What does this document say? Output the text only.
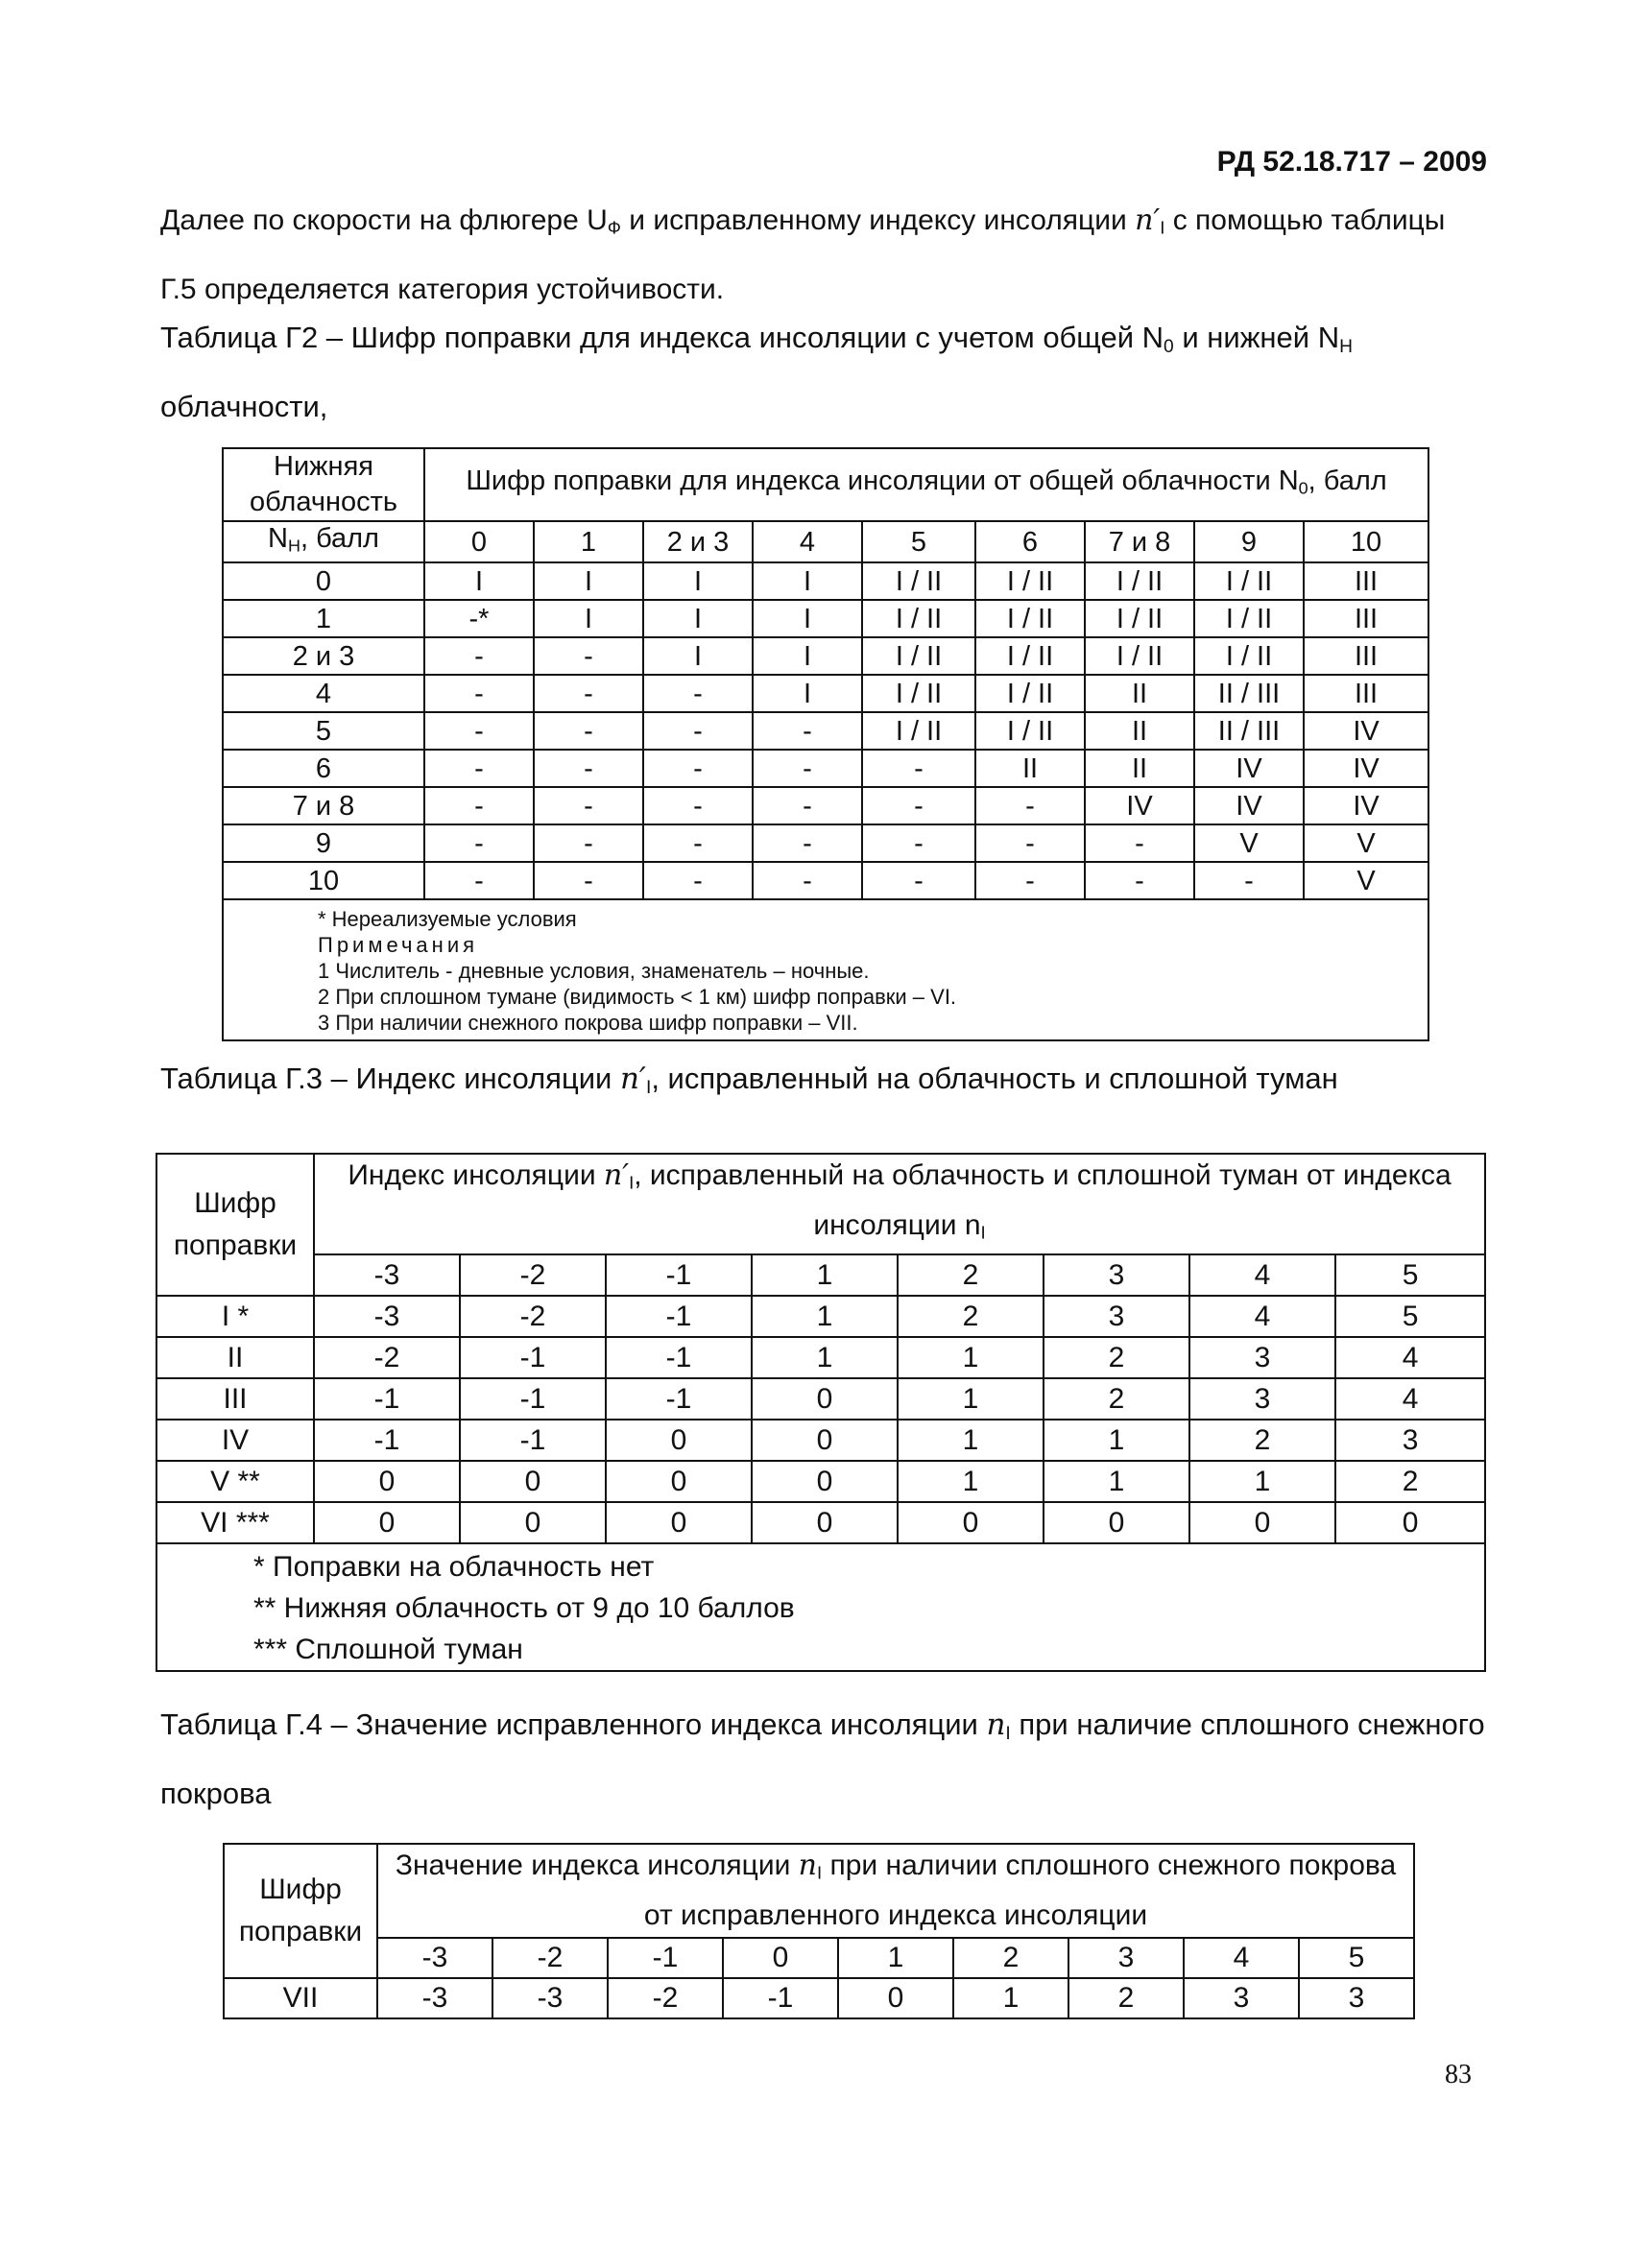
РД 52.18.717 – 2009
Далее по скорости на флюгере $U_Ф$ и исправленному индексу инсоляции $n'_I$ с помощью таблицы Г.5 определяется категория устойчивости.
Таблица Г2 – Шифр поправки для индекса инсоляции с учетом общей $N_0$ и нижней $N_Н$ облачности,
Нижняя
облачность	Шифр поправки для индекса инсоляции от общей облачности $N_0$, балл								

$N_Н$, балл	0	1	2 и 3	4	5	6	7 и 8	9	10
0	I	I	I	I	I / II	I / II	I / II	I / II	III
1	-*	I	I	I	I / II	I / II	I / II	I / II	III
2 и 3	-	-	I	I	I / II	I / II	I / II	I / II	III
4	-	-	-	I	I / II	I / II	II	II / III	III
5	-	-	-	-	I / II	I / II	II	II / III	IV
6	-	-	-	-	-	II	II	IV	IV
7 и 8	-	-	-	-	-	-	IV	IV	IV
9	-	-	-	-	-	-	-	V	V
10	-	-	-	-	-	-	-	-	V

* Нереализуемые условия
Примечания
1 Числитель - дневные условия, знаменатель – ночные.
2 При сплошном тумане (видимость < 1 км) шифр поправки – VI.
3 При наличии снежного покрова шифр поправки – VII.									
Таблица Г.3 – Индекс инсоляции $n'_I$, исправленный на облачность и сплошной туман
Шифр
поправки	Индекс инсоляции $n'_I$, исправленный на облачность и сплошной туман от индекса инсоляции $n_I$
	-3	-2	-1	1	2	3	4	5
I *	-3	-2	-1	1	2	3	4	5
II	-2	-1	-1	1	1	2	3	4
III	-1	-1	-1	0	1	2	3	4
IV	-1	-1	0	0	1	1	2	3
V **	0	0	0	0	1	1	1	2
VI ***	0	0	0	0	0	0	0	0

* Поправки на облачность нет
** Нижняя облачность от 9 до 10 баллов
*** Сплошной туман								
Таблица Г.4 – Значение исправленного индекса инсоляции $n_I$ при наличие сплошного снежного покрова
Шифр
поправки	Значение индекса инсоляции $n_I$ при наличии сплошного снежного покрова от исправленного индекса инсоляции								
	-3	-2	-1	0	1	2	3	4	5
VII	-3	-3	-2	-1	0	1	2	3	3
83
